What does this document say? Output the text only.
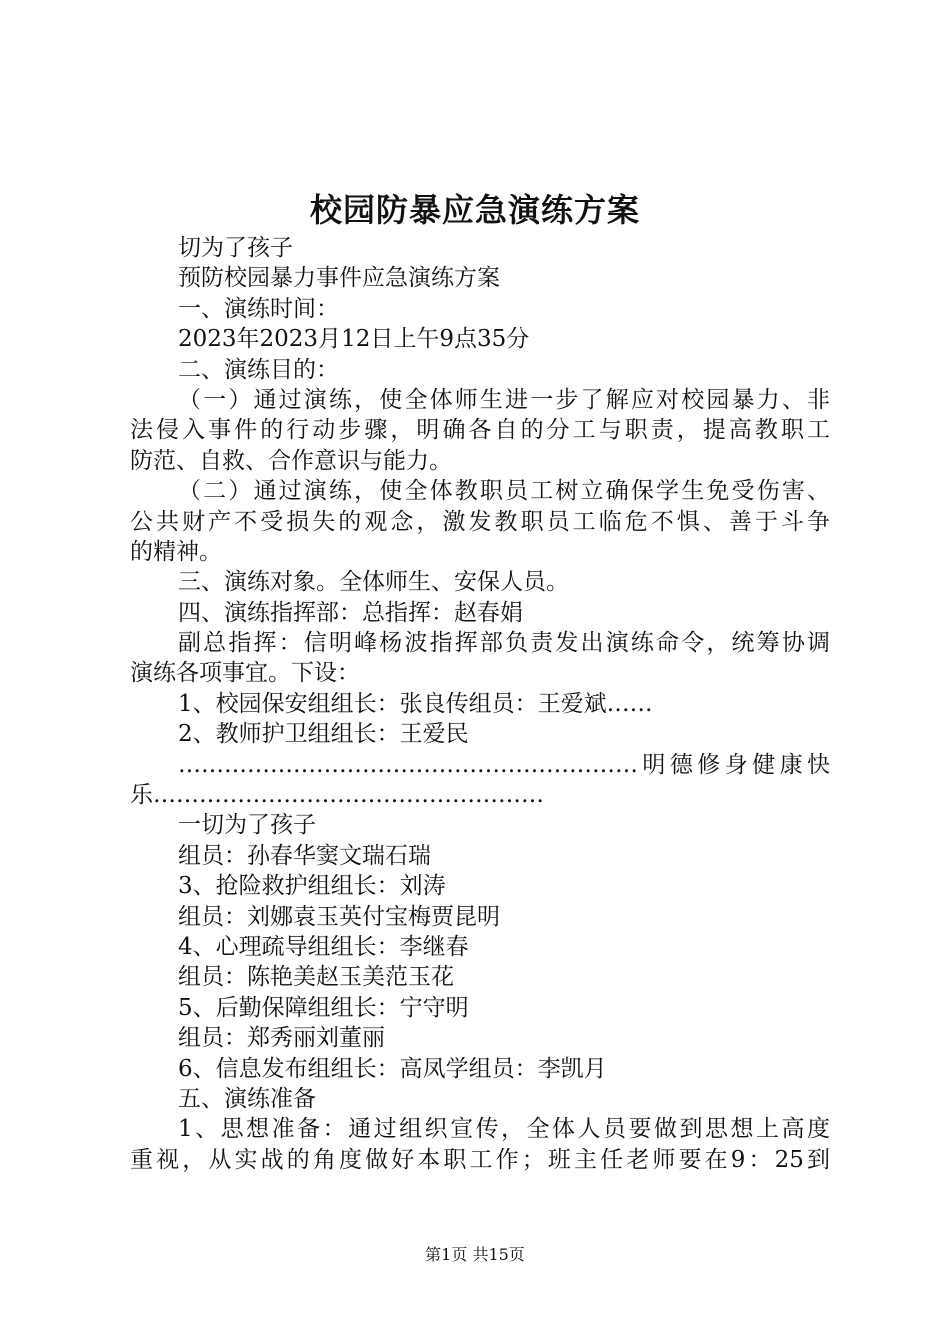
校园防暴应急演练方案
切为了孩子
预防校园暴力事件应急演练方案
一、演练时间：
2023年2023月12日上午9点35分
二、演练目的：
（一）通过演练，使全体师生进一步了解应对校园暴力、非
法侵入事件的行动步骤，明确各自的分工与职责，提高教职工
防范、自救、合作意识与能力。
（二）通过演练，使全体教职员工树立确保学生免受伤害、
公共财产不受损失的观念，激发教职员工临危不惧、善于斗争
的精神。
三、演练对象。全体师生、安保人员。
四、演练指挥部：总指挥：赵春娟
副总指挥：信明峰杨波指挥部负责发出演练命令，统筹协调
演练各项事宜。下设：
1、校园保安组组长：张良传组员：王爱斌……
2、教师护卫组组长：王爱民
……………………………………………………明德修身健康快
乐……………………………………………
一切为了孩子
组员：孙春华窦文瑞石瑞
3、抢险救护组组长：刘涛
组员：刘娜袁玉英付宝梅贾昆明
4、心理疏导组组长：李继春
组员：陈艳美赵玉美范玉花
5、后勤保障组组长：宁守明
组员：郑秀丽刘董丽
6、信息发布组组长：高凤学组员：李凯月
五、演练准备
1、思想准备：通过组织宣传，全体人员要做到思想上高度
重视，从实战的角度做好本职工作；班主任老师要在9：25到
第1页 共15页
